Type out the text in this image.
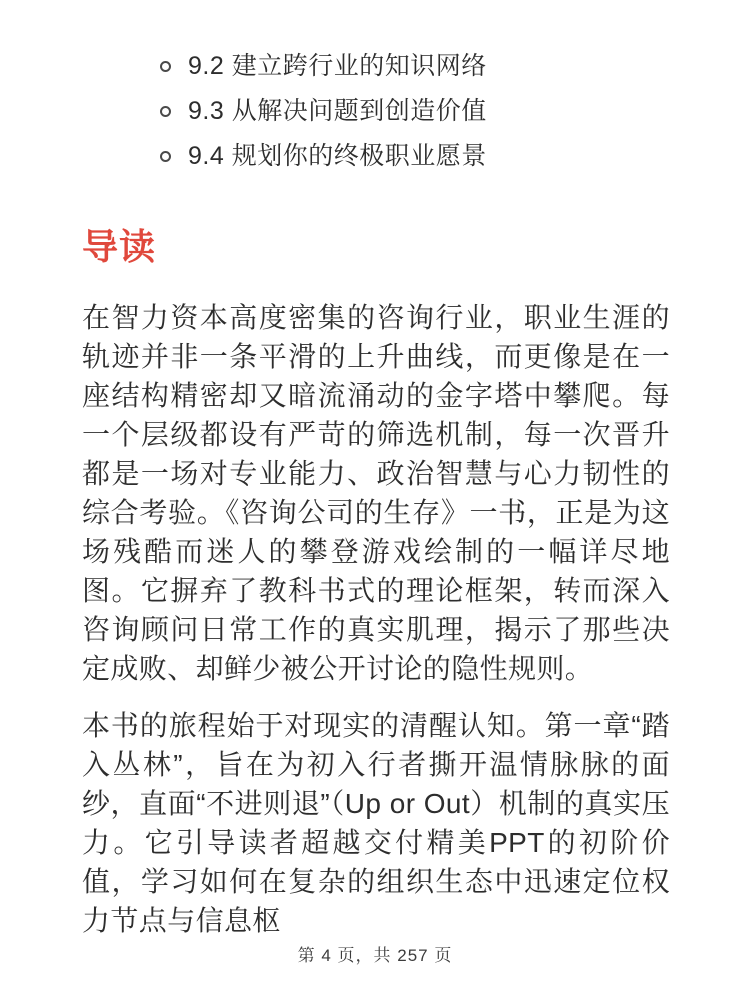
9.2 建立跨行业的知识网络
9.3 从解决问题到创造价值
9.4 规划你的终极职业愿景
导读

在智力资本高度密集的咨询行业，职业生涯的轨迹并非一条平滑的上升曲线，而更像是在一座结构精密却又暗流涌动的金字塔中攀爬。每一个层级都设有严苛的筛选机制，每一次晋升都是一场对专业能力、政治智慧与心力韧性的综合考验。《咨询公司的生存》一书，正是为这场残酷而迷人的攀登游戏绘制的一幅详尽地图。它摒弃了教科书式的理论框架，转而深入咨询顾问日常工作的真实肌理，揭示了那些决定成败、却鲜少被公开讨论的隐性规则。

本书的旅程始于对现实的清醒认知。第一章“踏入丛林”，旨在为初入行者撕开温情脉脉的面纱，直面“不进则退”（Up or Out）机制的真实压力。它引导读者超越交付精美PPT的初阶价值，学习如何在复杂的组织生态中迅速定位权力节点与信息枢

第 4 页，共 257 页
